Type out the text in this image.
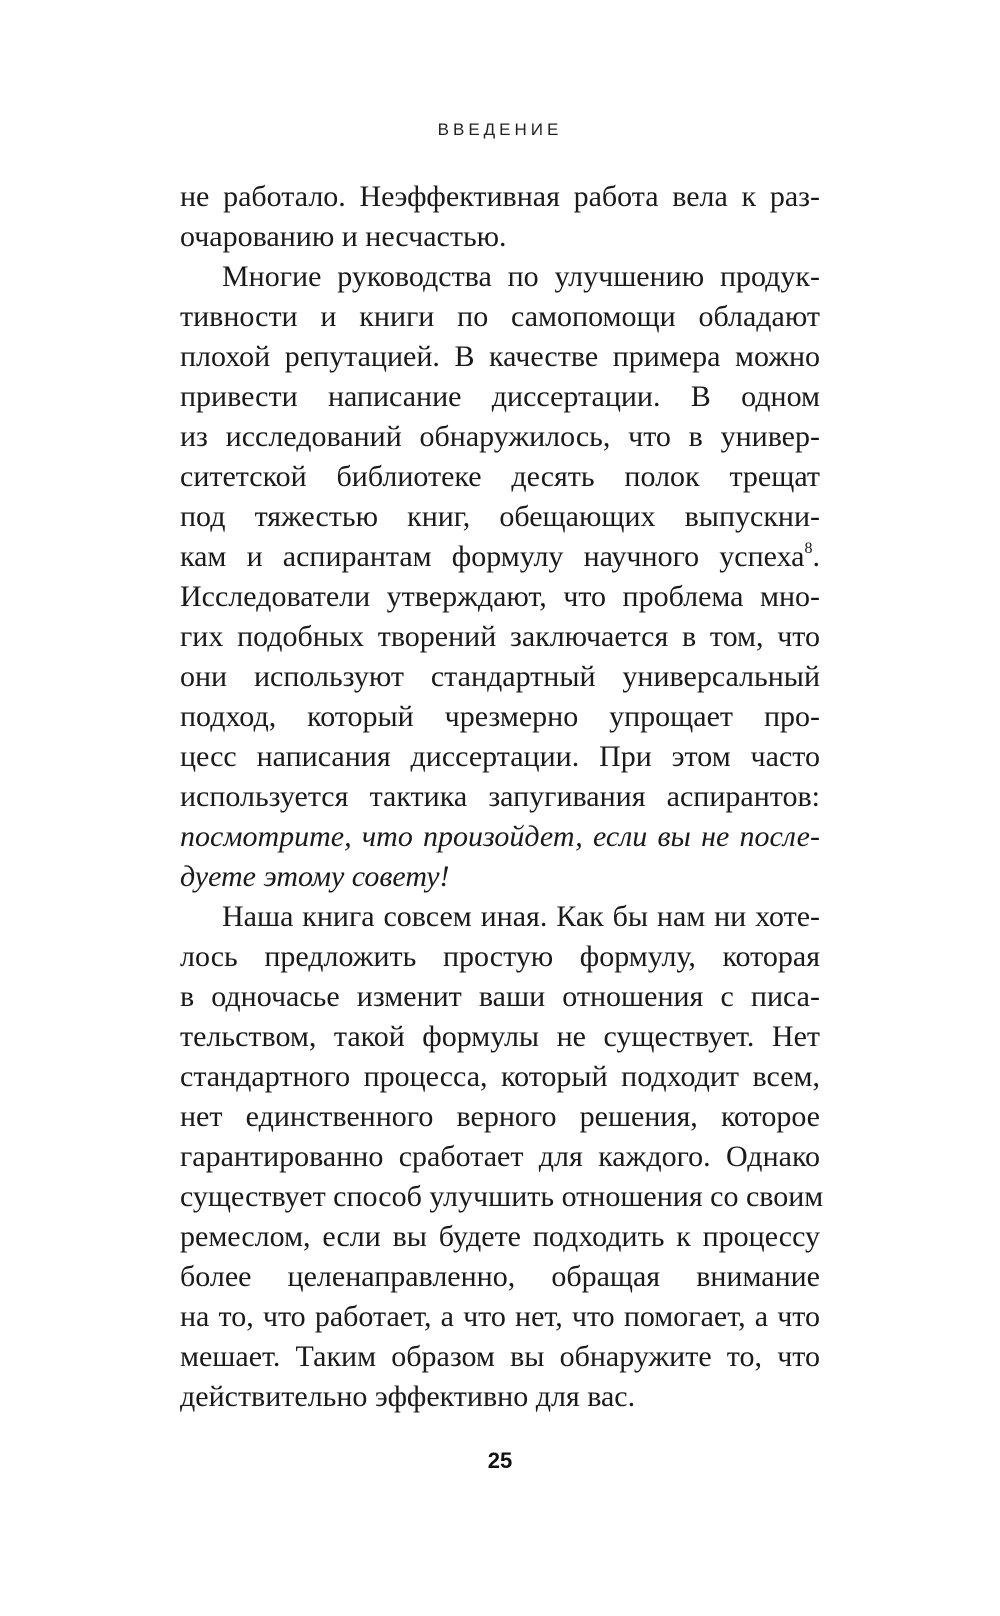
ВВЕДЕНИЕ
не работало. Неэффективная работа вела к раз-
очарованию и несчастью.
Многие руководства по улучшению продук-
тивности и книги по самопомощи обладают
плохой репутацией. В качестве примера можно
привести написание диссертации. В одном
из исследований обнаружилось, что в универ-
ситетской библиотеке десять полок трещат
под тяжестью книг, обещающих выпускни-
кам и аспирантам формулу научного успеха$^8$.
Исследователи утверждают, что проблема мно-
гих подобных творений заключается в том, что
они используют стандартный универсальный
подход, который чрезмерно упрощает про-
цесс написания диссертации. При этом часто
используется тактика запугивания аспирантов:
посмотрите, что произойдет, если вы не после-
дуете этому совету!
Наша книга совсем иная. Как бы нам ни хоте-
лось предложить простую формулу, которая
в одночасье изменит ваши отношения с писа-
тельством, такой формулы не существует. Нет
стандартного процесса, который подходит всем,
нет единственного верного решения, которое
гарантированно сработает для каждого. Однако
существует способ улучшить отношения со своим
ремеслом, если вы будете подходить к процессу
более целенаправленно, обращая внимание
на то, что работает, а что нет, что помогает, а что
мешает. Таким образом вы обнаружите то, что
действительно эффективно для вас.
25
